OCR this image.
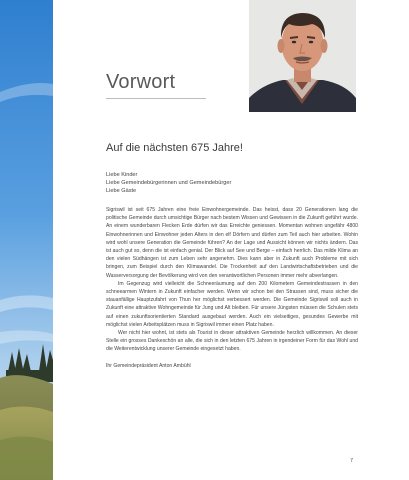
Vorwort
Auf die nächsten 675 Jahre!
Liebe Kinder
Liebe Gemeindebürgerinnen und Gemeindebürger
Liebe Gäste

Sigriswil ist seit 675 Jahren eine freie Einwohnergemeinde. Das heisst, dass 20 Generationen lang die politische Gemeinde durch umsichtige Bürger nach bestem Wissen und Gewissen in die Zukunft geführt wurde. An einem wunderbaren Flecken Erde dürfen wir das Erreichte geniessen. Momentan wohnen ungefähr 4800 Einwohnerinnen und Einwohner jeden Alters in den elf Dörfern und dürfen zum Teil auch hier arbeiten. Wohin wird wohl unsere Generation die Gemeinde führen? An der Lage und Aussicht können wir nichts ändern. Das ist auch gut so, denn die ist einfach genial. Der Blick auf See und Berge – einfach herrlich. Das milde Klima an den vielen Südhängen ist zum Leben sehr angenehm. Dies kann aber in Zukunft auch Probleme mit sich bringen, zum Beispiel durch den Klimawandel. Die Trockenheit auf den Landwirtschaftsbetrieben und die Wasserversorgung der Bevölkerung wird von den verantwortlichen Personen immer mehr abverlangen.

Im Gegenzug wird vielleicht die Schneeräumung auf den 200 Kilometern Gemeindestrassen in den schneearmen Wintern in Zukunft einfacher werden. Wenn wir schon bei den Strassen sind, muss sicher die stauanfällige Hauptzufahrt von Thun her möglichst verbessert werden. Die Gemeinde Sigriswil soll auch in Zukunft eine attraktive Wohngemeinde für Jung und Alt bleiben. Für unsere Jüngsten müssen die Schulen stets auf einen zukunftsorientierten Standard ausgebaut werden. Auch ein vielseitiges, gesundes Gewerbe mit möglichst vielen Arbeitsplätzen muss in Sigriswil immer einen Platz haben.

Wer nicht hier wohnt, ist stets als Tourist in dieser attraktiven Gemeinde herzlich willkommen. An dieser Stelle ein grosses Dankeschön an alle, die sich in den letzten 675 Jahren in irgendeiner Form für das Wohl und die Weiterentwicklung unserer Gemeinde eingesetzt haben.

Ihr Gemeindepräsident Anton Ambühl

7
